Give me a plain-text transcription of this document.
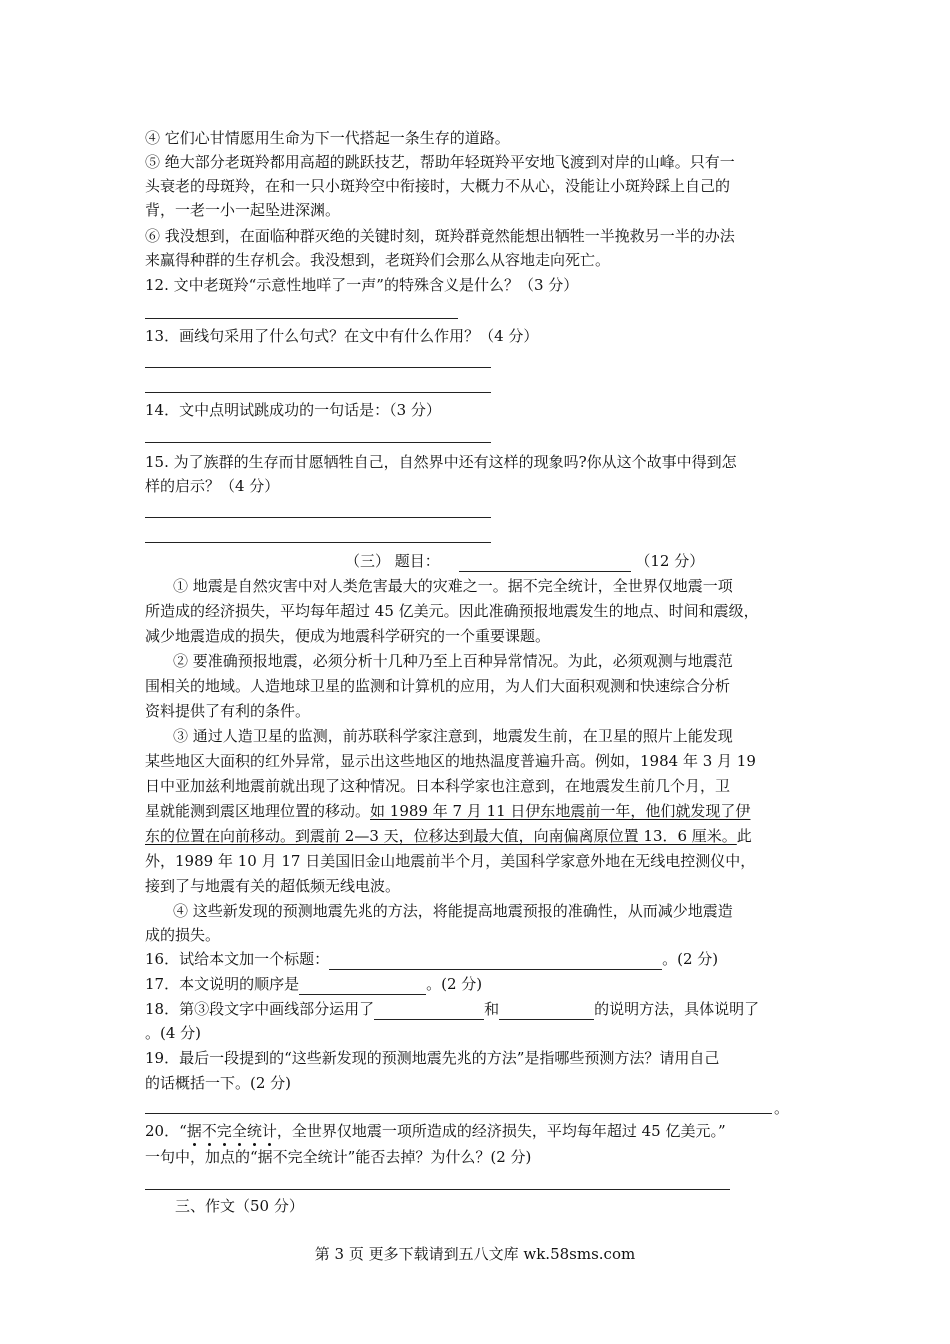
④ 它们心甘情愿用生命为下一代搭起一条生存的道路。
⑤ 绝大部分老斑羚都用高超的跳跃技艺，帮助年轻斑羚平安地飞渡到对岸的山峰。只有一
头衰老的母斑羚，在和一只小斑羚空中衔接时，大概力不从心，没能让小斑羚踩上自己的
背，一老一小一起坠进深渊。
⑥ 我没想到，在面临种群灭绝的关键时刻，斑羚群竟然能想出牺牲一半挽救另一半的办法
来赢得种群的生存机会。我没想到，老斑羚们会那么从容地走向死亡。
12. 文中老斑羚“示意性地咩了一声”的特殊含义是什么？（3 分）
13．画线句采用了什么句式？在文中有什么作用？（4 分）
14．文中点明试跳成功的一句话是：（3 分）
15. 为了族群的生存而甘愿牺牲自己，自然界中还有这样的现象吗?你从这个故事中得到怎
样的启示？（4 分）
（三） 题目：	（12 分）
① 地震是自然灾害中对人类危害最大的灾难之一。据不完全统计，全世界仅地震一项
所造成的经济损失，平均每年超过 45 亿美元。因此准确预报地震发生的地点、时间和震级，
减少地震造成的损失，便成为地震科学研究的一个重要课题。
② 要准确预报地震，必须分析十几种乃至上百种异常情况。为此，必须观测与地震范
围相关的地域。人造地球卫星的监测和计算机的应用，为人们大面积观测和快速综合分析
资料提供了有利的条件。
③ 通过人造卫星的监测，前苏联科学家注意到，地震发生前，在卫星的照片上能发现
某些地区大面积的红外异常，显示出这些地区的地热温度普遍升高。例如，1984 年 3 月 19
日中亚加兹利地震前就出现了这种情况。日本科学家也注意到，在地震发生前几个月，卫
星就能测到震区地理位置的移动。如 1989 年 7 月 11 日伊东地震前一年，他们就发现了伊
东的位置在向前移动。到震前 2—3 天，位移达到最大值，向南偏离原位置 13．6 厘米。此
外，1989 年 10 月 17 日美国旧金山地震前半个月，美国科学家意外地在无线电控测仪中，
接到了与地震有关的超低频无线电波。
④ 这些新发现的预测地震先兆的方法，将能提高地震预报的准确性，从而减少地震造
成的损失。
16．试给本文加一个标题：	。(2 分)
17．本文说明的顺序是	。(2 分)
18．第③段文字中画线部分运用了	和	的说明方法，具体说明了
。(4 分)
19．最后一段提到的“这些新发现的预测地震先兆的方法”是指哪些预测方法？请用自己
的话概括一下。(2 分)
。
20．“据不完全统计，全世界仅地震一项所造成的经济损失，平均每年超过 45 亿美元。”
一句中，加点的“据不完全统计”能否去掉？为什么？(2 分)
三、作文（50 分）
第 3 页 更多下载请到五八文库 wk.58sms.com
